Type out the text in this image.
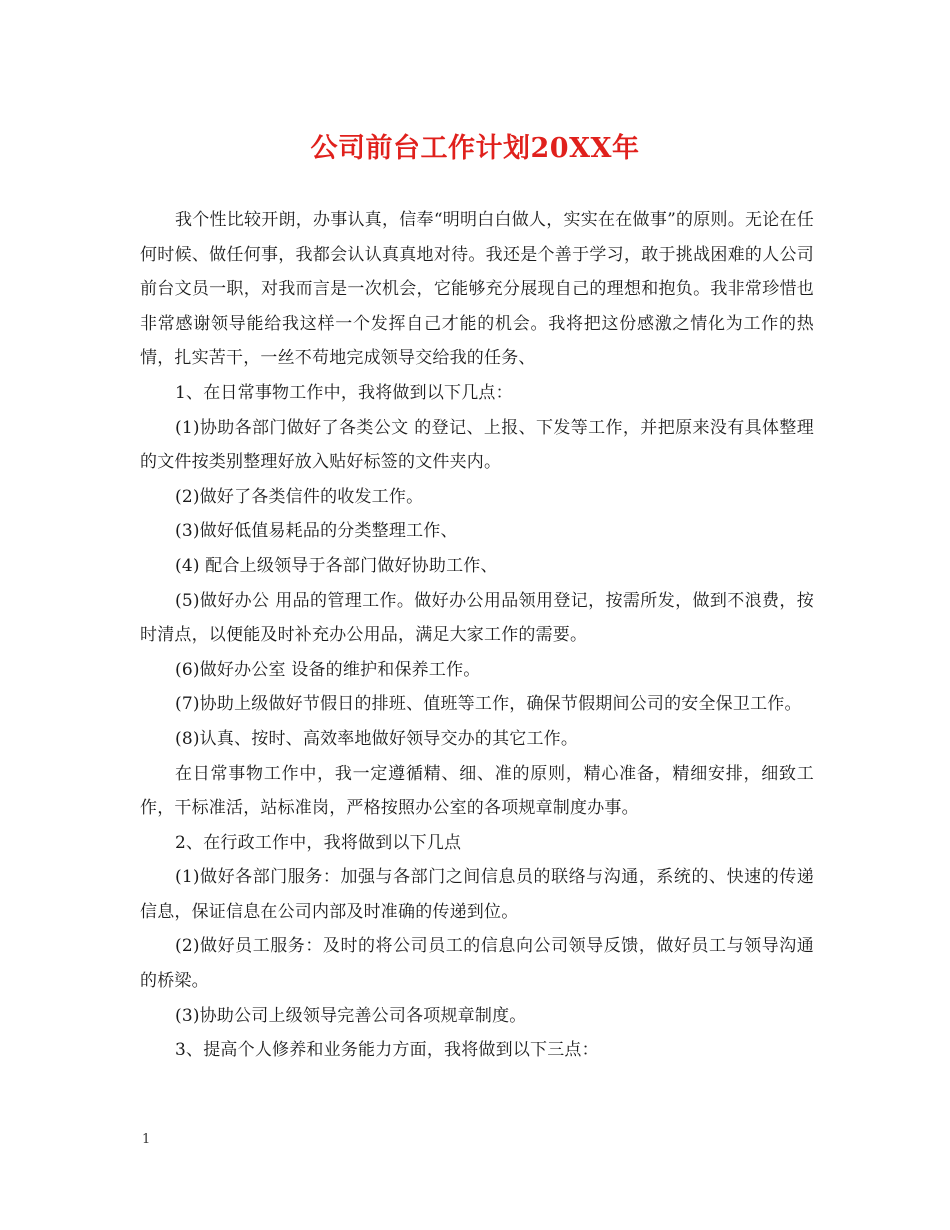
公司前台工作计划20XX年

我个性比较开朗，办事认真，信奉“明明白白做人，实实在在做事”的原则。无论在任何时候、做任何事，我都会认认真真地对待。我还是个善于学习，敢于挑战困难的人公司前台文员一职，对我而言是一次机会，它能够充分展现自己的理想和抱负。我非常珍惜也非常感谢领导能给我这样一个发挥自己才能的机会。我将把这份感激之情化为工作的热情，扎实苦干，一丝不苟地完成领导交给我的任务、

1、在日常事物工作中，我将做到以下几点：

(1)协助各部门做好了各类公文 的登记、上报、下发等工作，并把原来没有具体整理的文件按类别整理好放入贴好标签的文件夹内。

(2)做好了各类信件的收发工作。

(3)做好低值易耗品的分类整理工作、

(4) 配合上级领导于各部门做好协助工作、

(5)做好办公 用品的管理工作。做好办公用品领用登记，按需所发，做到不浪费，按时清点，以便能及时补充办公用品，满足大家工作的需要。

(6)做好办公室 设备的维护和保养工作。

(7)协助上级做好节假日的排班、值班等工作，确保节假期间公司的安全保卫工作。

(8)认真、按时、高效率地做好领导交办的其它工作。

在日常事物工作中，我一定遵循精、细、准的原则，精心准备，精细安排，细致工作，干标准活，站标准岗，严格按照办公室的各项规章制度办事。

2、在行政工作中，我将做到以下几点

(1)做好各部门服务：加强与各部门之间信息员的联络与沟通，系统的、快速的传递信息，保证信息在公司内部及时准确的传递到位。

(2)做好员工服务：及时的将公司员工的信息向公司领导反馈，做好员工与领导沟通的桥梁。

(3)协助公司上级领导完善公司各项规章制度。

3、提高个人修养和业务能力方面，我将做到以下三点：

1
